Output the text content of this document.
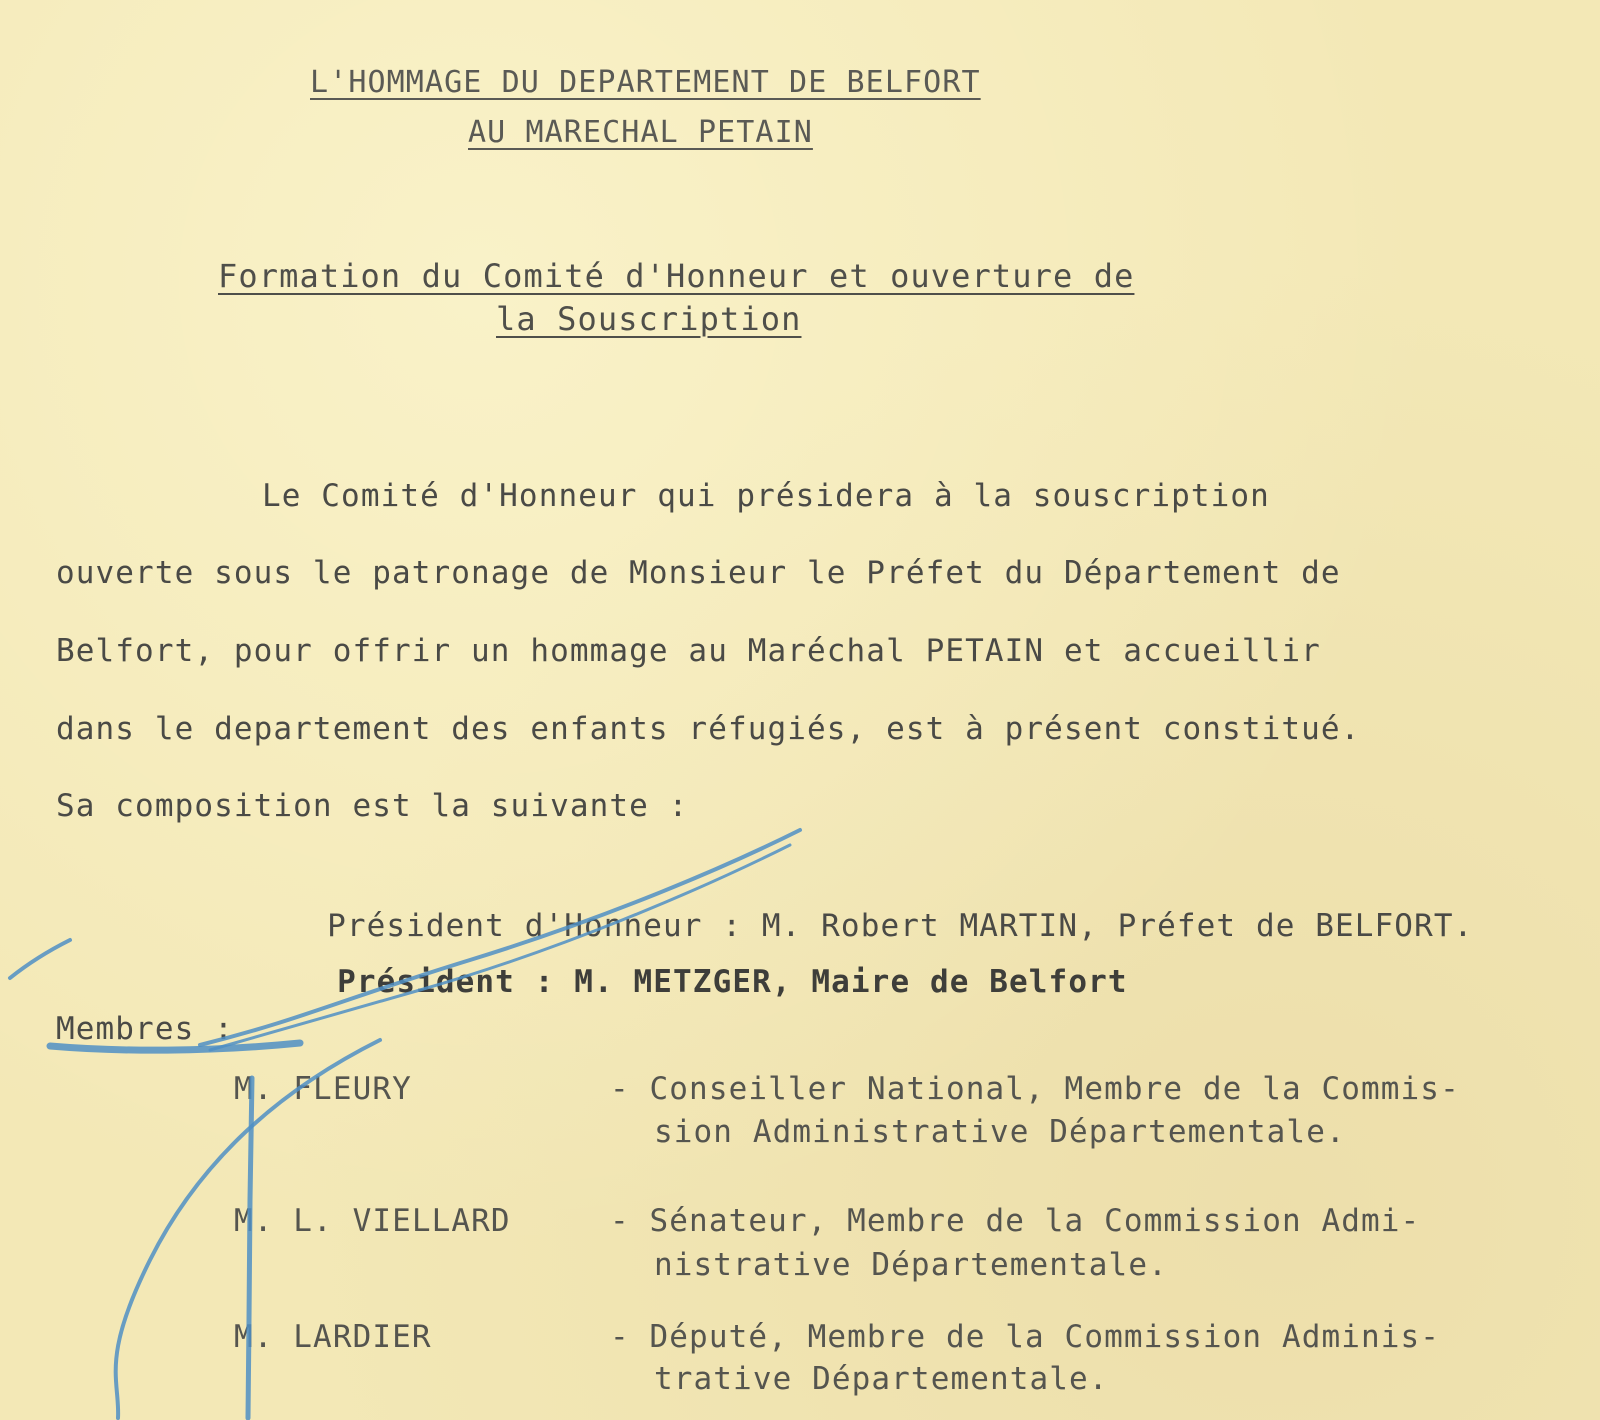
L'HOMMAGE DU DEPARTEMENT DE BELFORT
AU MARECHAL PETAIN
Formation du Comité d'Honneur et ouverture de
la Souscription
Le Comité d'Honneur qui présidera à la souscription
ouverte sous le patronage de Monsieur le Préfet du Département de
Belfort, pour offrir un hommage au Maréchal PETAIN et accueillir
dans le departement des enfants réfugiés, est à présent constitué.
Sa composition est la suivante :

Président d'Honneur : M. Robert MARTIN, Préfet de BELFORT.

Président : M. METZGER, Maire de Belfort

Membres :
M. FLEURY	- Conseiller National, Membre de la Commis-
sion Administrative Départementale.
M. L. VIELLARD	- Sénateur, Membre de la Commission Admi-
nistrative Départementale.
M. LARDIER	- Député, Membre de la Commission Adminis-
trative Départementale.
